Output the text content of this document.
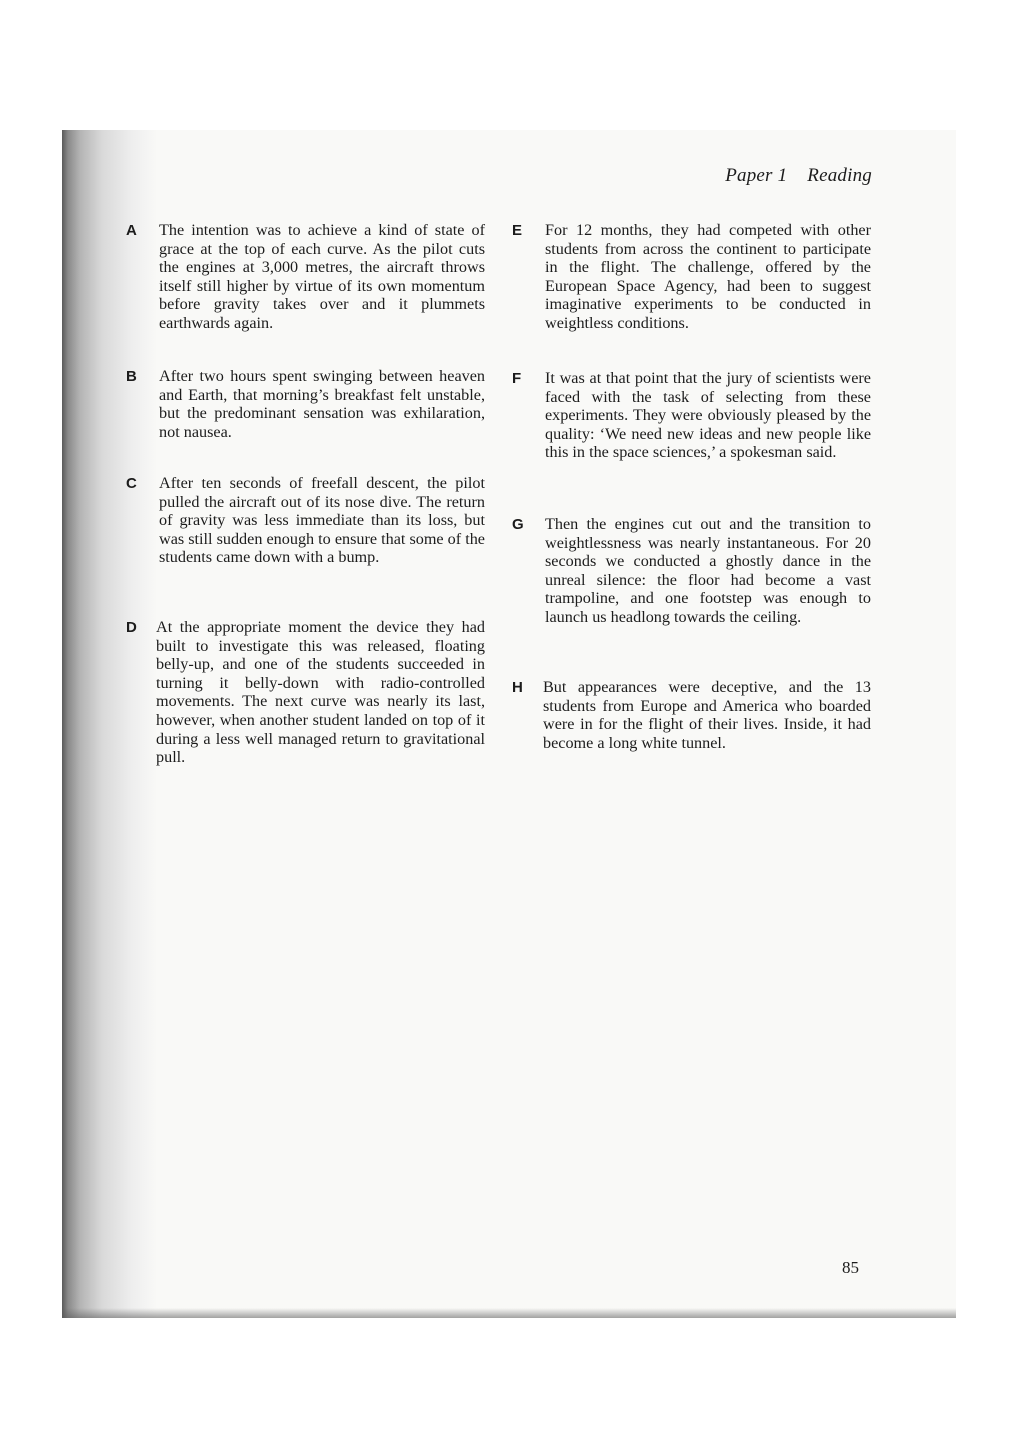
Paper 1 Reading
A The intention was to achieve a kind of state of grace at the top of each curve. As the pilot cuts the engines at 3,000 metres, the aircraft throws itself still higher by virtue of its own momentum before gravity takes over and it plummets earthwards again.
B After two hours spent swinging between heaven and Earth, that morning’s breakfast felt unstable, but the predominant sensation was exhilaration, not nausea.
C After ten seconds of freefall descent, the pilot pulled the aircraft out of its nose dive. The return of gravity was less immediate than its loss, but was still sudden enough to ensure that some of the students came down with a bump.
D At the appropriate moment the device they had built to investigate this was released, floating belly-up, and one of the students succeeded in turning it belly-down with radio-controlled movements. The next curve was nearly its last, however, when another student landed on top of it during a less well managed return to gravitational pull.
E For 12 months, they had competed with other students from across the continent to participate in the flight. The challenge, offered by the European Space Agency, had been to suggest imaginative experiments to be conducted in weightless conditions.
F It was at that point that the jury of scientists were faced with the task of selecting from these experiments. They were obviously pleased by the quality: ‘We need new ideas and new people like this in the space sciences,’ a spokesman said.
G Then the engines cut out and the transition to weightlessness was nearly instantaneous. For 20 seconds we conducted a ghostly dance in the unreal silence: the floor had become a vast trampoline, and one footstep was enough to launch us headlong towards the ceiling.
H But appearances were deceptive, and the 13 students from Europe and America who boarded were in for the flight of their lives. Inside, it had become a long white tunnel.
85
